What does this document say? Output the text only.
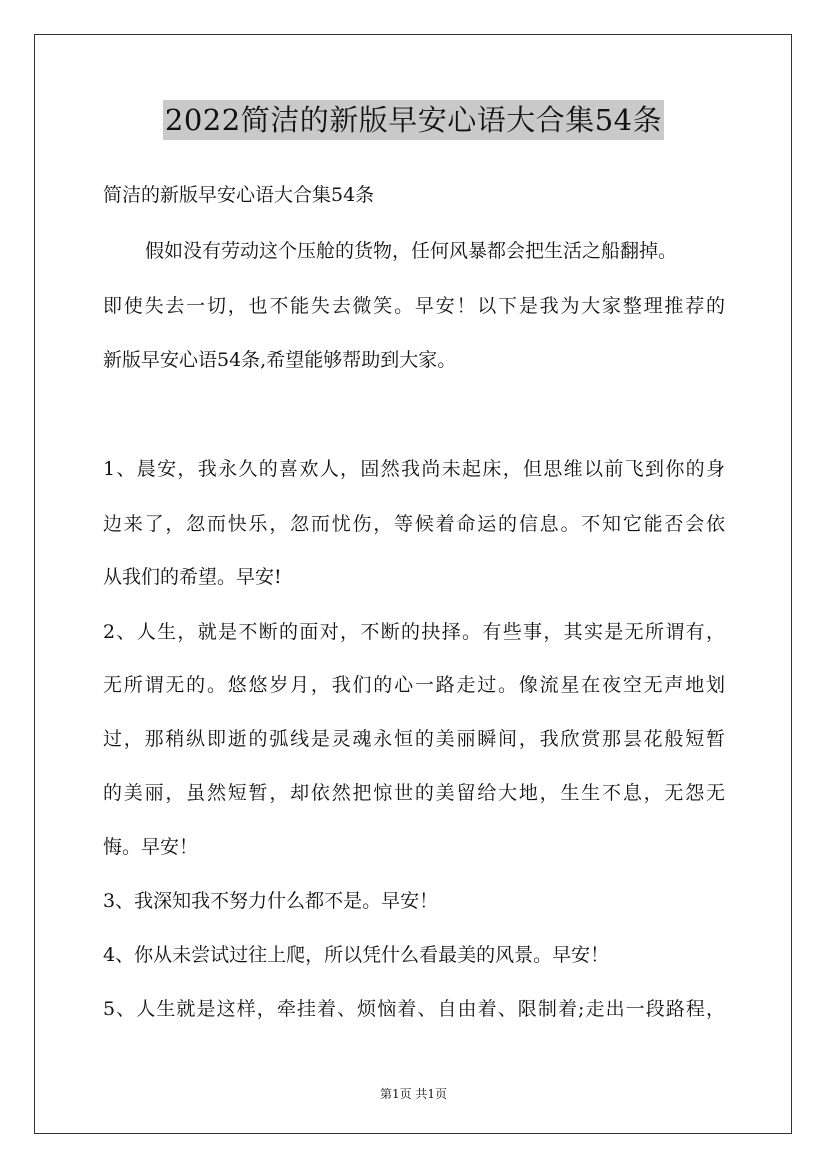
2022简洁的新版早安心语大合集54条
简洁的新版早安心语大合集54条
假如没有劳动这个压舱的货物，任何风暴都会把生活之船翻掉。
即使失去一切，也不能失去微笑。早安！以下是我为大家整理推荐的
新版早安心语54条,希望能够帮助到大家。
1、晨安，我永久的喜欢人，固然我尚未起床，但思维以前飞到你的身
边来了，忽而快乐，忽而忧伤，等候着命运的信息。不知它能否会依
从我们的希望。早安!
2、人生，就是不断的面对，不断的抉择。有些事，其实是无所谓有，
无所谓无的。悠悠岁月，我们的心一路走过。像流星在夜空无声地划
过，那稍纵即逝的弧线是灵魂永恒的美丽瞬间，我欣赏那昙花般短暂
的美丽，虽然短暂，却依然把惊世的美留给大地，生生不息，无怨无
悔。早安！
3、我深知我不努力什么都不是。早安！
4、你从未尝试过往上爬，所以凭什么看最美的风景。早安！
5、人生就是这样，牵挂着、烦恼着、自由着、限制着;走出一段路程，
第1页 共1页
